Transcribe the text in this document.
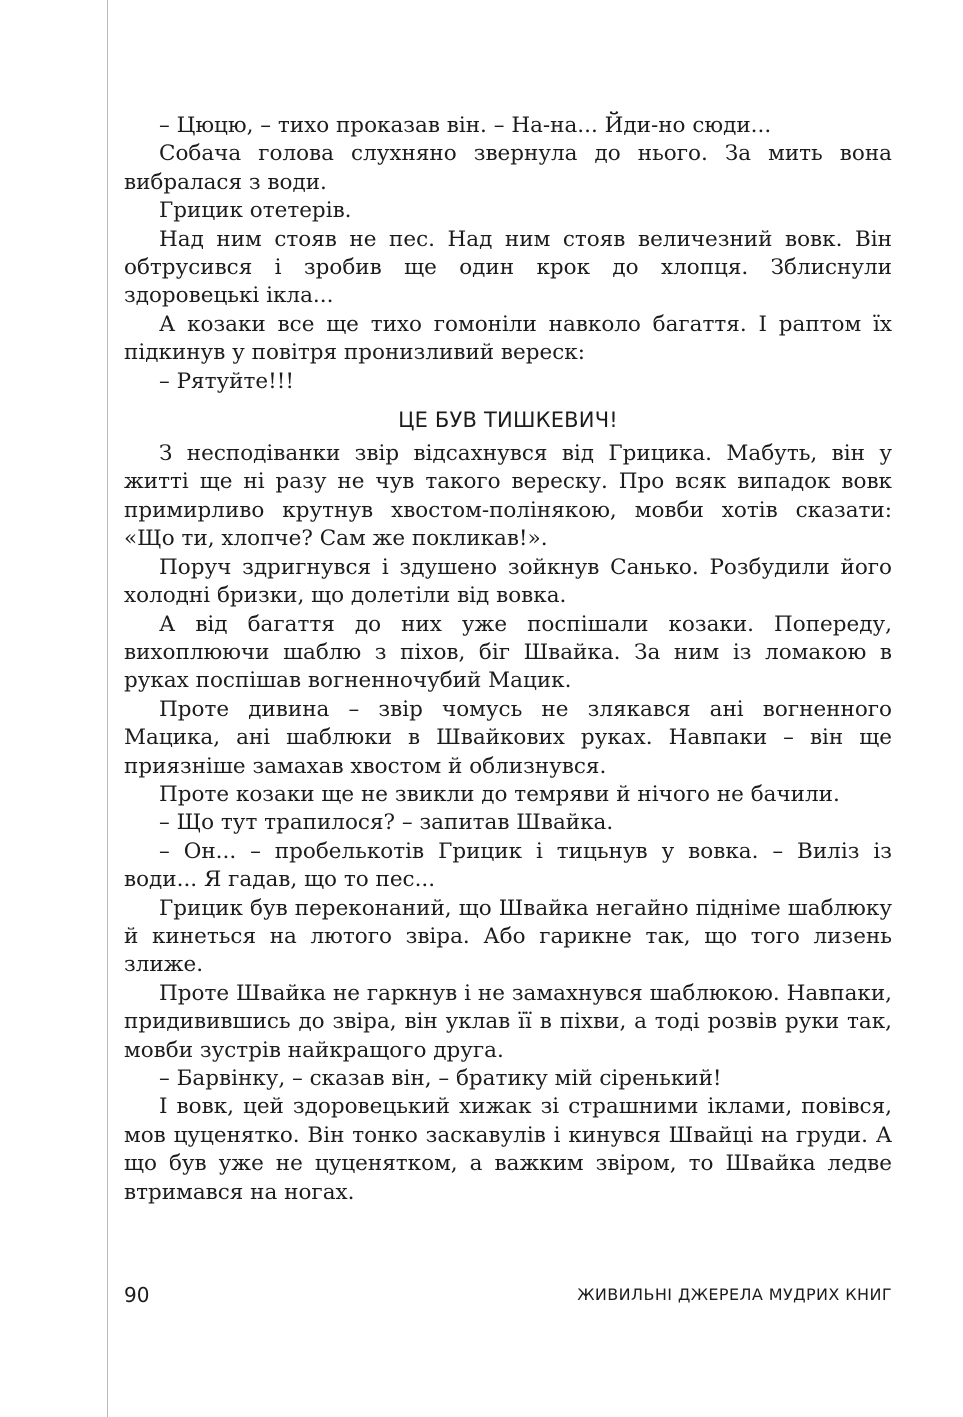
– Цюцю, – тихо проказав він. – На-на... Йди-но сюди...

Собача голова слухняно звернула до нього. За мить вона вибралася з води.

Грицик отетерів.

Над ним стояв не пес. Над ним стояв величезний вовк. Він обтрусився і зробив ще один крок до хлопця. Зблиснули здоровецькі ікла...

А козаки все ще тихо гомоніли навколо багаття. І раптом їх підкинув у повітря пронизливий вереск:

– Рятуйте!!!

ЦЕ БУВ ТИШКЕВИЧ!

З несподіванки звір відсахнувся від Грицика. Мабуть, він у житті ще ні разу не чув такого вереску. Про всяк випадок вовк примирливо крутнув хвостом-полінякою, мовби хотів сказати: «Що ти, хлопче? Сам же покликав!».

Поруч здригнувся і здушено зойкнув Санько. Розбудили його холодні бризки, що долетіли від вовка.

А від багаття до них уже поспішали козаки. Попереду, вихоплюючи шаблю з піхов, біг Швайка. За ним із ломакою в руках поспішав вогненночубий Мацик.

Проте дивина – звір чомусь не злякався ані вогненного Мацика, ані шаблюки в Швайкових руках. Навпаки – він ще приязніше замахав хвостом й облизнувся.

Проте козаки ще не звикли до темряви й нічого не бачили.

– Що тут трапилося? – запитав Швайка.

– Он... – пробелькотів Грицик і тицьнув у вовка. – Виліз із води... Я гадав, що то пес...

Грицик був переконаний, що Швайка негайно підніме шаблюку й кинеться на лютого звіра. Або гарикне так, що того лизень злиже.

Проте Швайка не гаркнув і не замахнувся шаблюкою. Навпаки, придивившись до звіра, він уклав її в піхви, а тоді розвів руки так, мовби зустрів найкращого друга.

– Барвінку, – сказав він, – братику мій сіренький!

І вовк, цей здоровецький хижак зі страшними іклами, повівся, мов цуценятко. Він тонко заскавулів і кинувся Швайці на груди. А що був уже не цуценятком, а важким звіром, то Швайка ледве втримався на ногах.

90	ЖИВИЛЬНІ ДЖЕРЕЛА МУДРИХ КНИГ
